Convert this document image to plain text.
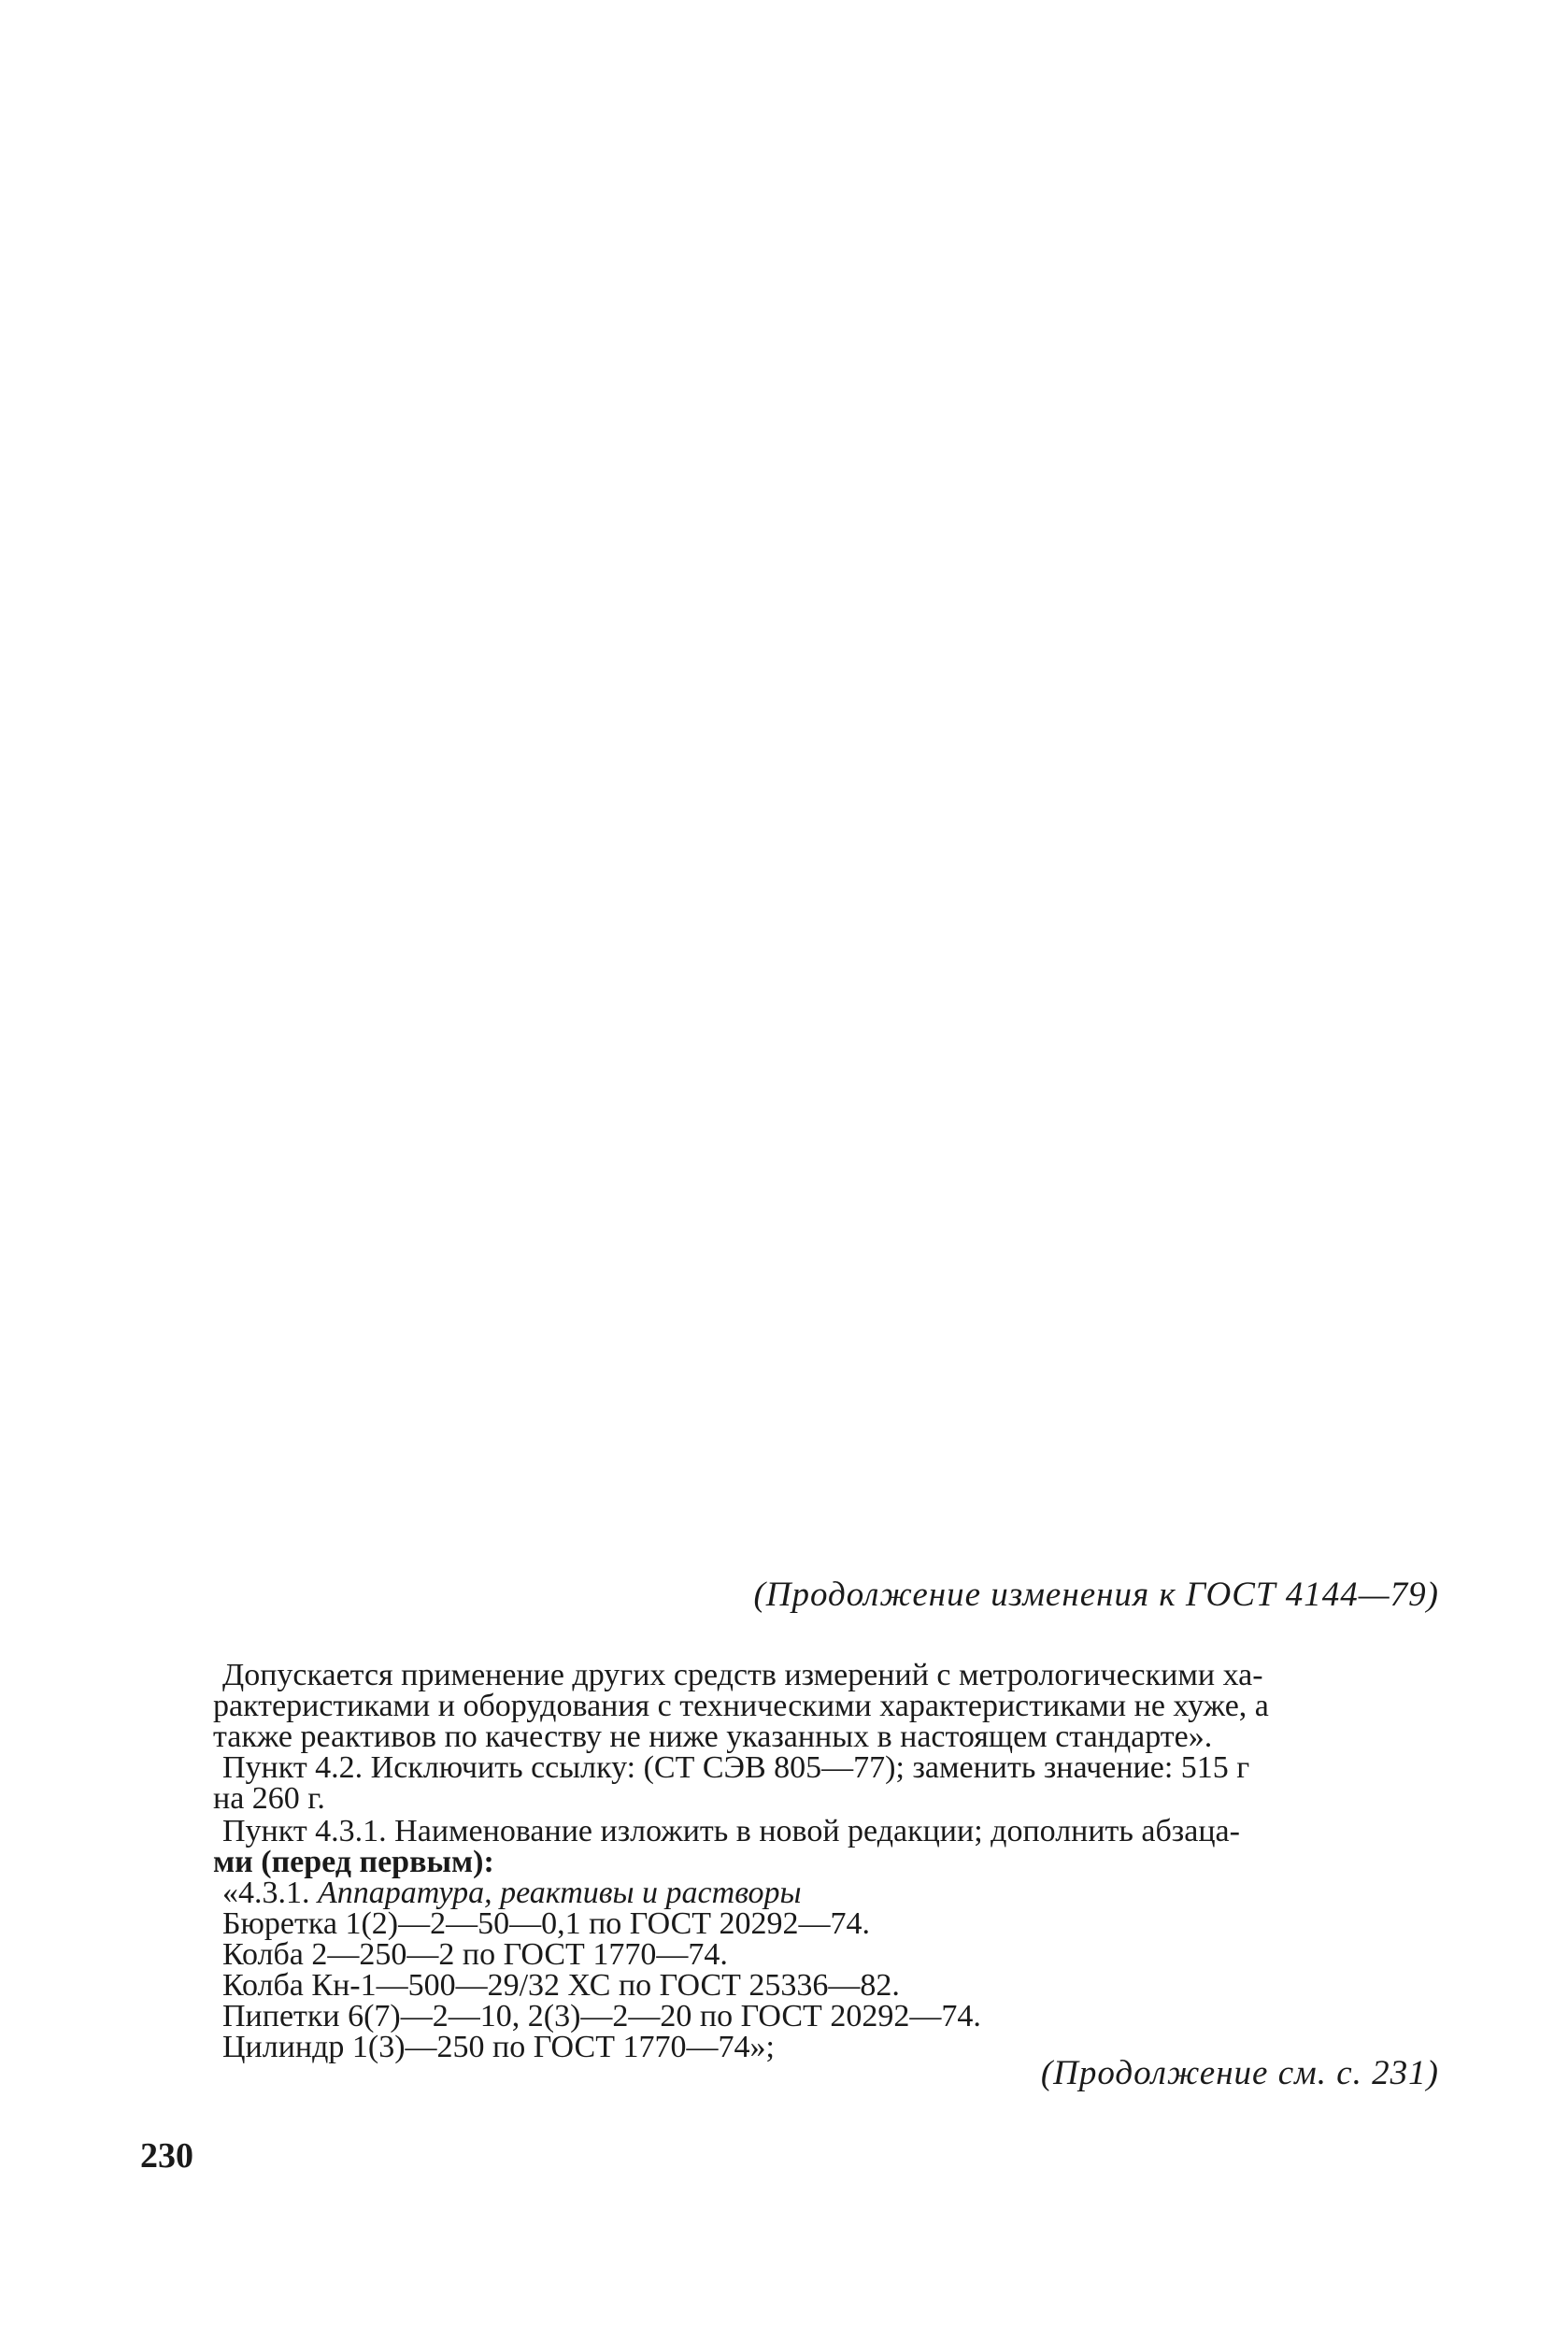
(Продолжение изменения к ГОСТ 4144—79)

Допускается применение других средств измерений с метрологическими ха-
рактеристиками и оборудования с техническими характеристиками не хуже, а
также реактивов по качеству не ниже указанных в настоящем стандарте».

Пункт 4.2. Исключить ссылку: (СТ СЭВ 805—77); заменить значение: 515 г
на 260 г.

Пункт 4.3.1. Наименование изложить в новой редакции; дополнить абзаца-
ми (перед первым):

«4.3.1. Аппаратура, реактивы и растворы

Бюретка 1(2)—2—50—0,1 по ГОСТ 20292—74.
Колба 2—250—2 по ГОСТ 1770—74.
Колба Кн-1—500—29/32 ХС по ГОСТ 25336—82.
Пипетки 6(7)—2—10, 2(3)—2—20 по ГОСТ 20292—74.
Цилиндр 1(3)—250 по ГОСТ 1770—74»;

(Продолжение см. с. 231)
230
